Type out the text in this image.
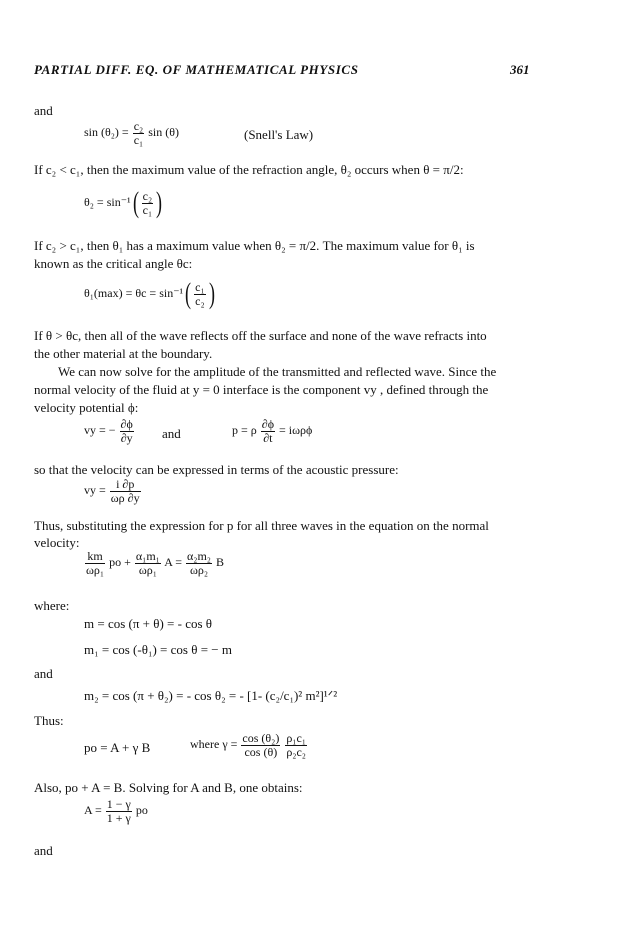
PARTIAL DIFF. EQ. OF MATHEMATICAL PHYSICS	361
and
$\sin (\theta_2) = \frac{\text{c₂}}{\text{c₁}}$ sin (θ)	(Snell's Law)
If c₂ < c₁, then the maximum value of the refraction angle, θ₂ occurs when θ = π/2:
$\theta_2 = \sin^{-1}( \frac{\text{c₂}}{\text{c₁}}$ )
If c₂ > c₁, then θ₁ has a maximum value when θ₂ = π/2. The maximum value for θ₁ is
known as the critical angle θc:
$\theta_1(\max) = \theta c = \sin^{-1}( \frac{\text{c₁}}{\text{c₂}}$ )
If θ > θc, then all of the wave reflects off the surface and none of the wave refracts into
the other material at the boundary.
We can now solve for the amplitude of the transmitted and reflected wave. Since the
normal velocity of the fluid at y = 0 interface is the component vy , defined through the
velocity potential ϕ:
vy = − $\frac{\partial\phi}{\partial y}$ and	p = ρ $\frac{\partial\phi}{\partial t} = i\omega\rho\phi$
so that the velocity can be expressed in terms of the acoustic pressure:
vy = $\frac{i \partial p}{\omega\rho \partial y}$
Thus, substituting the expression for p for all three waves in the equation on the normal
velocity:
$\frac{km}{\text{ωρ₁}}$ po + $\frac{\text{α₁m₁}}{\text{ωρ₁}}$ $A = \frac{\text{α₂m₂}}{\text{ωρ₂}}$ B
where:
m = cos (π + θ) = - cos θ
m₁ = cos (-θ₁) = cos θ = − m
and
m₂ = cos (π + θ₂) = - cos θ₂ = - [1- (c₂/c₁)² m²]¹ᐟ²
Thus:
po = A + γ B	where $\gamma = \frac{\text{cos (θ₂)}}{\cos (\theta)}$
$\frac{\text{ρ₁c₁}}{\text{ρ₂c₂}}$
Also, po + A = B. Solving for A and B, one obtains:
$A = \frac{1 - \gamma}{1 + \gamma}$ po
and
